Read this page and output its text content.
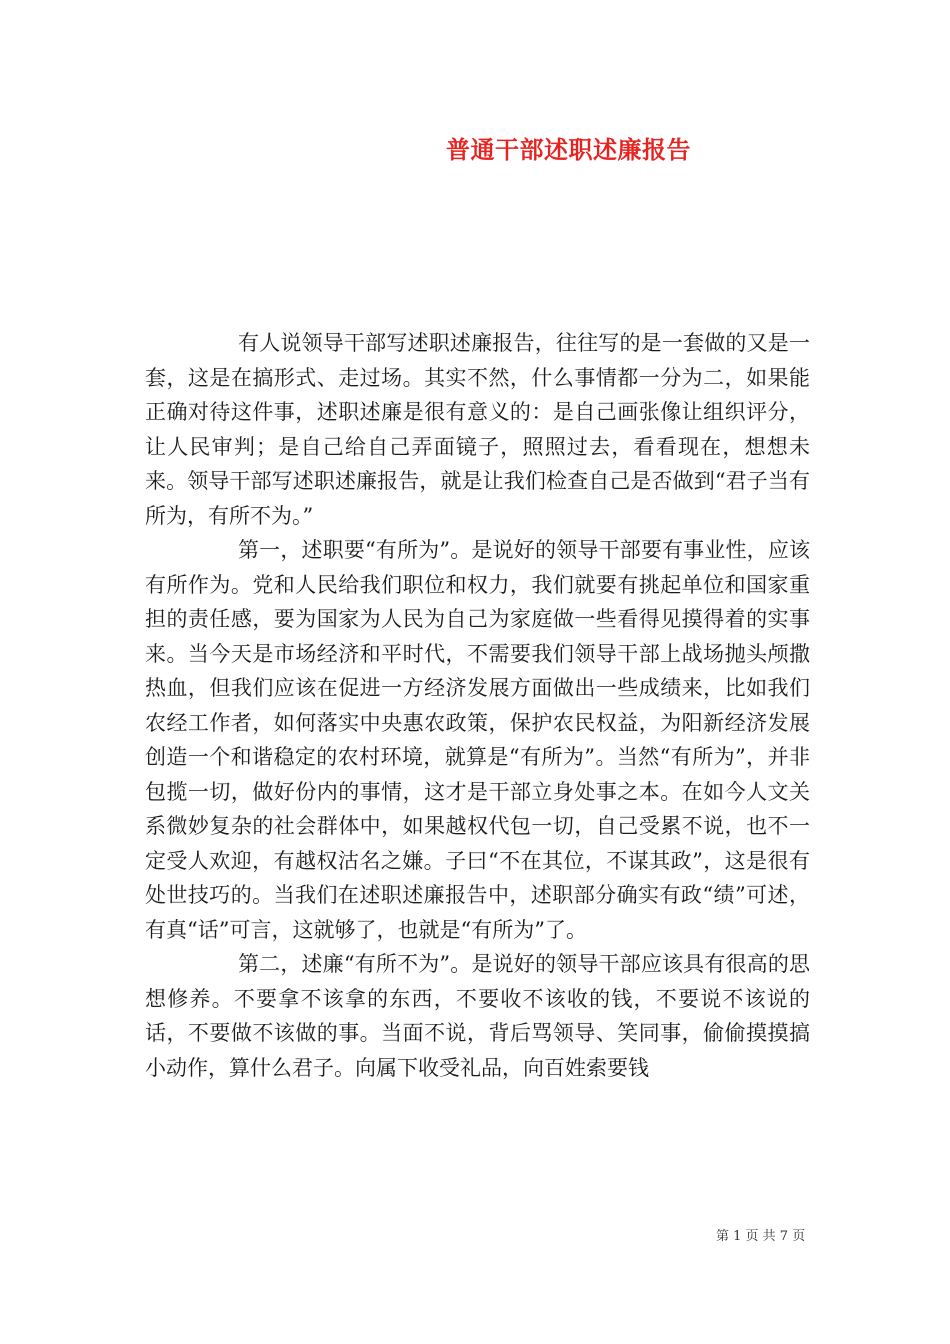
普通干部述职述廉报告

有人说领导干部写述职述廉报告，往往写的是一套做的又是一套，这是在搞形式、走过场。其实不然，什么事情都一分为二，如果能正确对待这件事，述职述廉是很有意义的：是自己画张像让组织评分，让人民审判；是自己给自己弄面镜子，照照过去，看看现在，想想未来。领导干部写述职述廉报告，就是让我们检查自己是否做到“君子当有所为，有所不为。”

第一，述职要“有所为”。是说好的领导干部要有事业性，应该有所作为。党和人民给我们职位和权力，我们就要有挑起单位和国家重担的责任感，要为国家为人民为自己为家庭做一些看得见摸得着的实事来。当今天是市场经济和平时代，不需要我们领导干部上战场抛头颅撒热血，但我们应该在促进一方经济发展方面做出一些成绩来，比如我们农经工作者，如何落实中央惠农政策，保护农民权益，为阳新经济发展创造一个和谐稳定的农村环境，就算是“有所为”。当然“有所为”，并非包揽一切，做好份内的事情，这才是干部立身处事之本。在如今人文关系微妙复杂的社会群体中，如果越权代包一切，自己受累不说，也不一定受人欢迎，有越权沽名之嫌。子曰“不在其位，不谋其政”，这是很有处世技巧的。当我们在述职述廉报告中，述职部分确实有政“绩”可述，有真“话”可言，这就够了，也就是“有所为”了。

第二，述廉“有所不为”。是说好的领导干部应该具有很高的思想修养。不要拿不该拿的东西，不要收不该收的钱，不要说不该说的话，不要做不该做的事。当面不说，背后骂领导、笑同事，偷偷摸摸搞小动作，算什么君子。向属下收受礼品，向百姓索要钱

第 1 页 共 7 页
